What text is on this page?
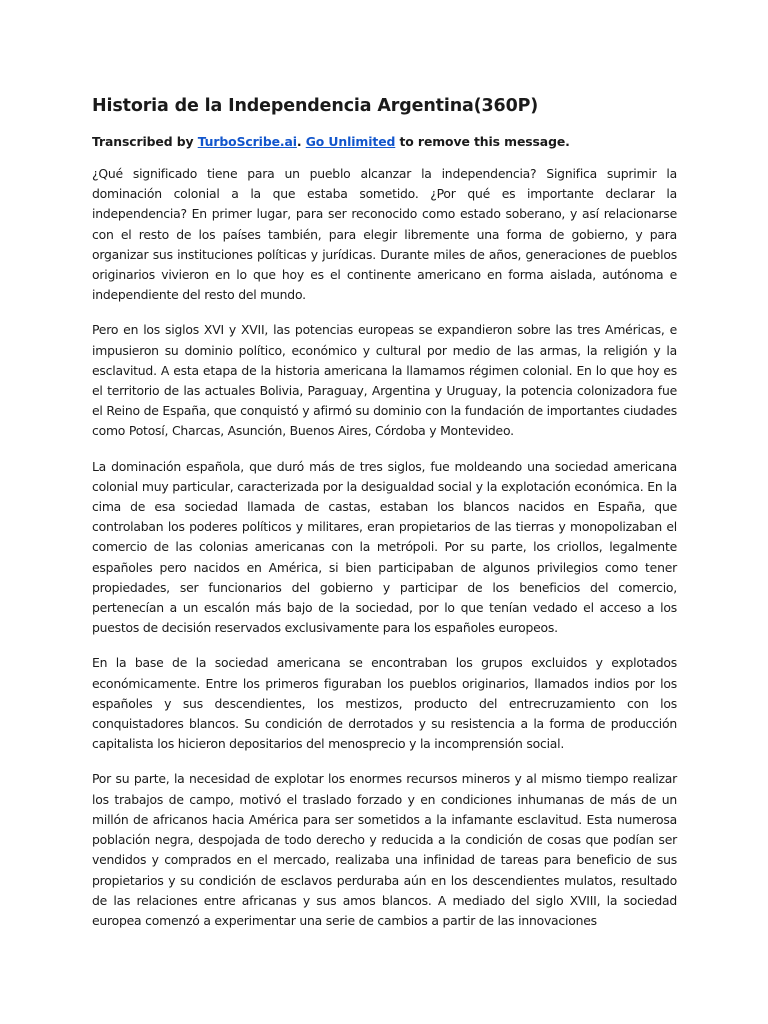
Historia de la Independencia Argentina(360P)
Transcribed by TurboScribe.ai. Go Unlimited to remove this message.

¿Qué significado tiene para un pueblo alcanzar la independencia? Significa suprimir la dominación colonial a la que estaba sometido. ¿Por qué es importante declarar la independencia? En primer lugar, para ser reconocido como estado soberano, y así relacionarse con el resto de los países también, para elegir libremente una forma de gobierno, y para organizar sus instituciones políticas y jurídicas. Durante miles de años, generaciones de pueblos originarios vivieron en lo que hoy es el continente americano en forma aislada, autónoma e independiente del resto del mundo.

Pero en los siglos XVI y XVII, las potencias europeas se expandieron sobre las tres Américas, e impusieron su dominio político, económico y cultural por medio de las armas, la religión y la esclavitud. A esta etapa de la historia americana la llamamos régimen colonial. En lo que hoy es el territorio de las actuales Bolivia, Paraguay, Argentina y Uruguay, la potencia colonizadora fue el Reino de España, que conquistó y afirmó su dominio con la fundación de importantes ciudades como Potosí, Charcas, Asunción, Buenos Aires, Córdoba y Montevideo.

La dominación española, que duró más de tres siglos, fue moldeando una sociedad americana colonial muy particular, caracterizada por la desigualdad social y la explotación económica. En la cima de esa sociedad llamada de castas, estaban los blancos nacidos en España, que controlaban los poderes políticos y militares, eran propietarios de las tierras y monopolizaban el comercio de las colonias americanas con la metrópoli. Por su parte, los criollos, legalmente españoles pero nacidos en América, si bien participaban de algunos privilegios como tener propiedades, ser funcionarios del gobierno y participar de los beneficios del comercio, pertenecían a un escalón más bajo de la sociedad, por lo que tenían vedado el acceso a los puestos de decisión reservados exclusivamente para los españoles europeos.

En la base de la sociedad americana se encontraban los grupos excluidos y explotados económicamente. Entre los primeros figuraban los pueblos originarios, llamados indios por los españoles y sus descendientes, los mestizos, producto del entrecruzamiento con los conquistadores blancos. Su condición de derrotados y su resistencia a la forma de producción capitalista los hicieron depositarios del menosprecio y la incomprensión social.

Por su parte, la necesidad de explotar los enormes recursos mineros y al mismo tiempo realizar los trabajos de campo, motivó el traslado forzado y en condiciones inhumanas de más de un millón de africanos hacia América para ser sometidos a la infamante esclavitud. Esta numerosa población negra, despojada de todo derecho y reducida a la condición de cosas que podían ser vendidos y comprados en el mercado, realizaba una infinidad de tareas para beneficio de sus propietarios y su condición de esclavos perduraba aún en los descendientes mulatos, resultado de las relaciones entre africanas y sus amos blancos. A mediado del siglo XVIII, la sociedad europea comenzó a experimentar una serie de cambios a partir de las innovaciones
